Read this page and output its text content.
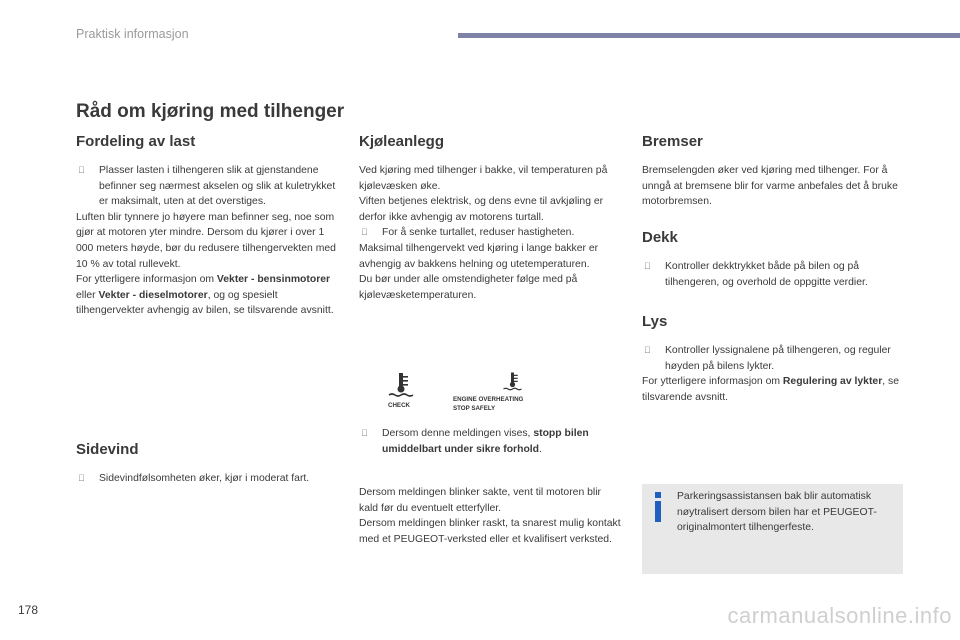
Praktisk informasjon
Råd om kjøring med tilhenger
Fordeling av last
Plasser lasten i tilhengeren slik at gjenstandene befinner seg nærmest akselen og slik at kuletrykket er maksimalt, uten at det overstiges.

Luften blir tynnere jo høyere man befinner seg, noe som gjør at motoren yter mindre. Dersom du kjører i over 1 000 meters høyde, bør du redusere tilhengervekten med 10 % av total rullevekt.

For ytterligere informasjon om Vekter - bensinmotorer eller Vekter - dieselmotorer, og og spesielt tilhengervekter avhengig av bilen, se tilsvarende avsnitt.

Sidevind
Sidevindfølsomheten øker, kjør i moderat fart.
Kjøleanlegg

Ved kjøring med tilhenger i bakke, vil temperaturen på kjølevæsken øke.

Viften betjenes elektrisk, og dens evne til avkjøling er derfor ikke avhengig av motorens turtall.

For å senke turtallet, reduser hastigheten.

Maksimal tilhengervekt ved kjøring i lange bakker er avhengig av bakkens helning og utetemperaturen.

Du bør under alle omstendigheter følge med på kjølevæsketemperaturen.

CHECK
ENGINE OVERHEATING
STOP SAFELY
Dersom denne meldingen vises, stopp bilen umiddelbart under sikre forhold.

Dersom meldingen blinker sakte, vent til motoren blir kald før du eventuelt etterfyller.

Dersom meldingen blinker raskt, ta snarest mulig kontakt med et PEUGEOT-verksted eller et kvalifisert verksted.

Bremser

Bremselengden øker ved kjøring med tilhenger. For å unngå at bremsene blir for varme anbefales det å bruke motorbremsen.

Dekk
Kontroller dekktrykket både på bilen og på tilhengeren, og overhold de oppgitte verdier.
Lys
Kontroller lyssignalene på tilhengeren, og reguler høyden på bilens lykter.

For ytterligere informasjon om Regulering av lykter, se tilsvarende avsnitt.

Parkeringsassistansen bak blir automatisk nøytralisert dersom bilen har et PEUGEOT-originalmontert tilhengerfeste.
178	carmanualsonline.info
